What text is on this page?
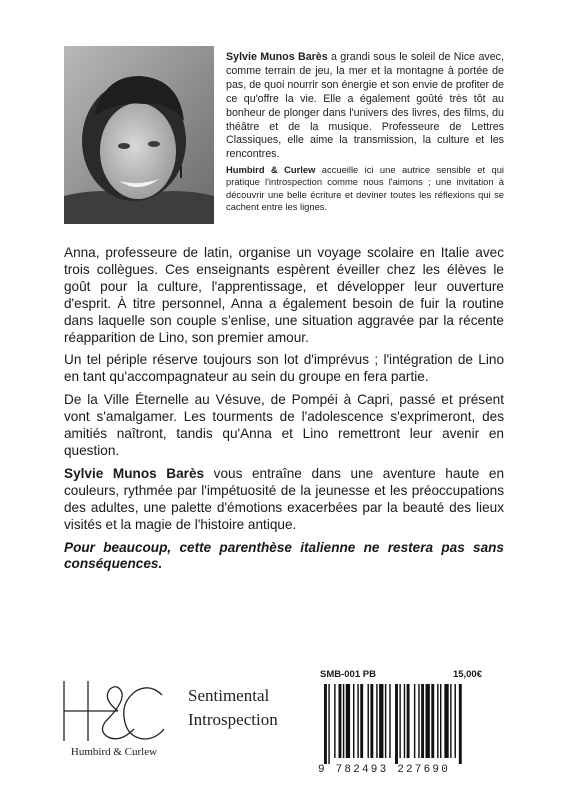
Sylvie Munos Barès a grandi sous le soleil de Nice avec, comme terrain de jeu, la mer et la montagne à portée de pas, de quoi nourrir son énergie et son envie de profiter de ce qu'offre la vie. Elle a également goûté très tôt au bonheur de plonger dans l'univers des livres, des films, du théâtre et de la musique. Professeure de Lettres Classiques, elle aime la transmission, la culture et les rencontres.
Humbird & Curlew accueille ici une autrice sensible et qui pratique l'introspection comme nous l'aimons ; une invitation à découvrir une belle écriture et deviner toutes les réflexions qui se cachent entre les lignes.

Anna, professeure de latin, organise un voyage scolaire en Italie avec trois collègues. Ces enseignants espèrent éveiller chez les élèves le goût pour la culture, l'apprentissage, et développer leur ouverture d'esprit. À titre personnel, Anna a également besoin de fuir la routine dans laquelle son couple s'enlise, une situation aggravée par la récente réapparition de Lino, son premier amour.

Un tel périple réserve toujours son lot d'imprévus ; l'intégration de Lino en tant qu'accompagnateur au sein du groupe en fera partie.

De la Ville Éternelle au Vésuve, de Pompéi à Capri, passé et présent vont s'amalgamer. Les tourments de l'adolescence s'exprimeront, des amitiés naîtront, tandis qu'Anna et Lino remettront leur avenir en question.

Sylvie Munos Barès vous entraîne dans une aventure haute en couleurs, rythmée par l'impétuosité de la jeunesse et les préoccupations des adultes, une palette d'émotions exacerbées par la beauté des lieux visités et la magie de l'histoire antique.

Pour beaucoup, cette parenthèse italienne ne restera pas sans conséquences.

Humbird & Curlew
Sentimental
Introspection
SMB-001 PB	15,00€
9 782493 227690
